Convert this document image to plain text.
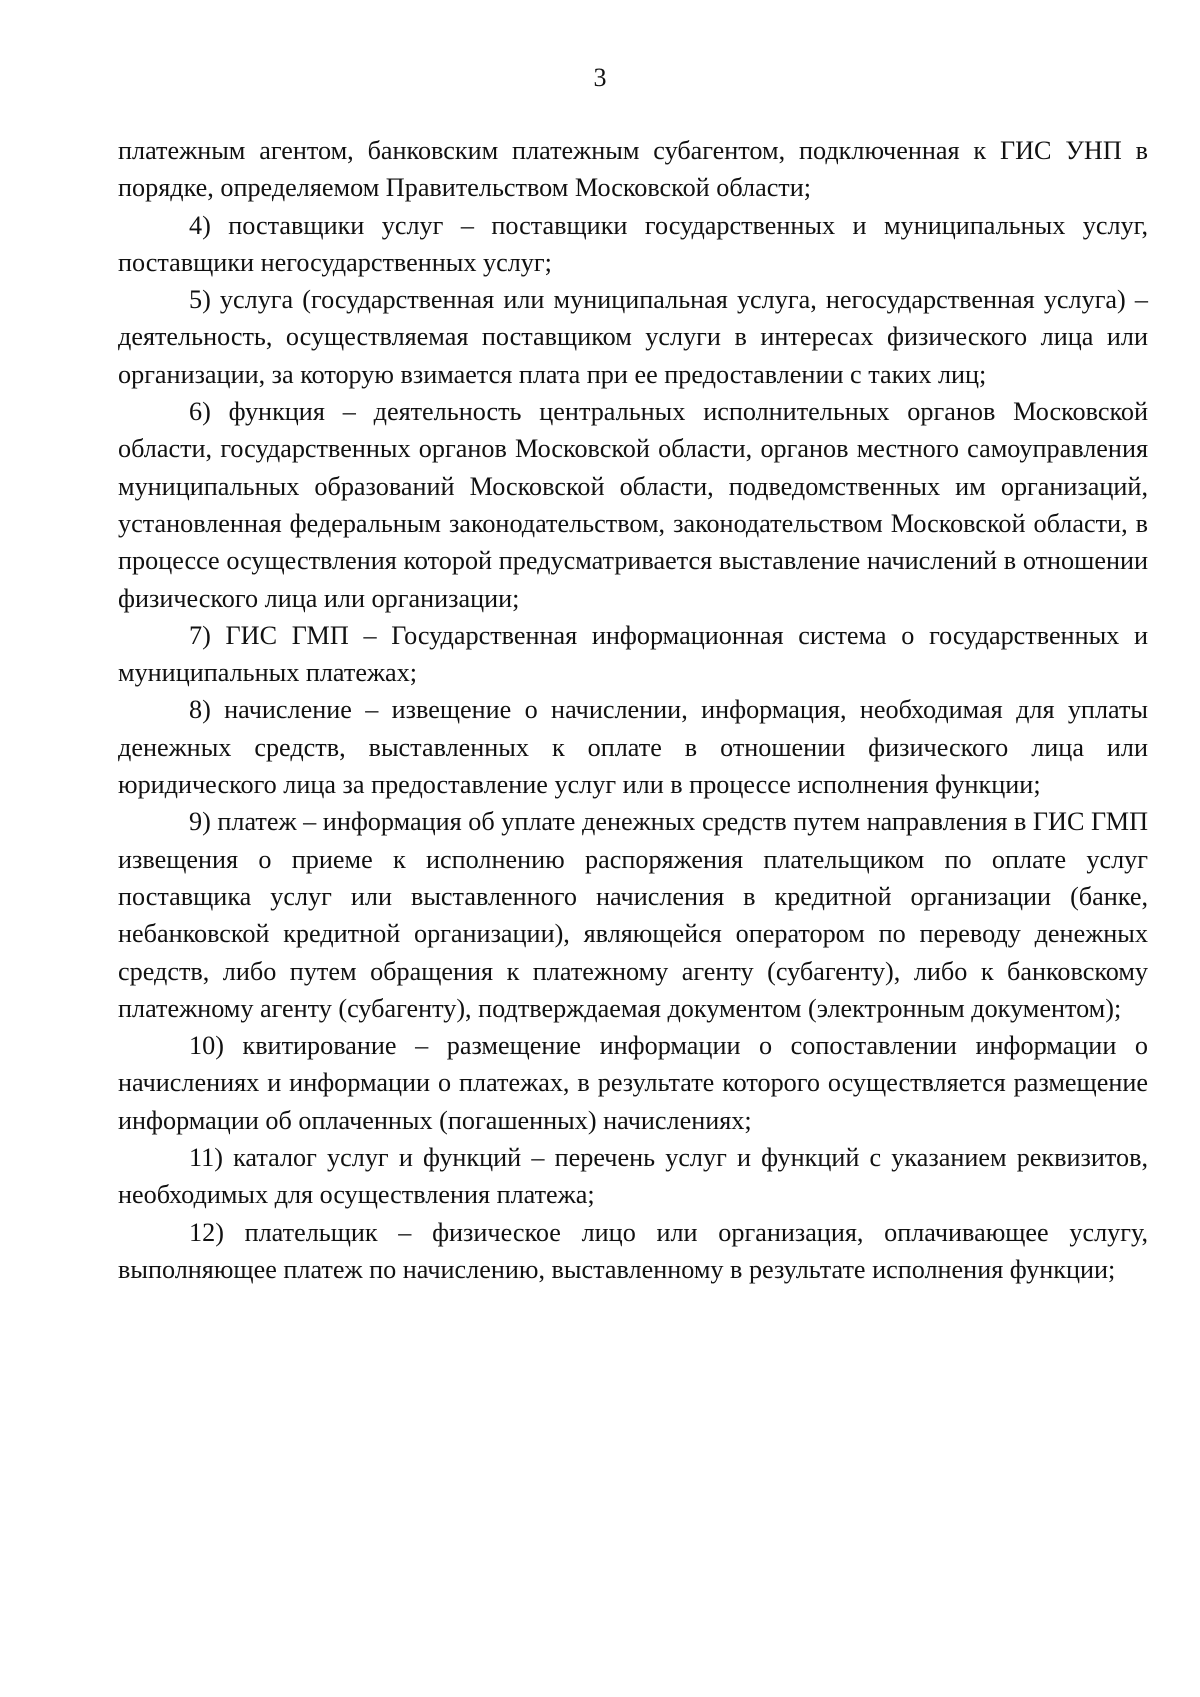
3

платежным агентом, банковским платежным субагентом, подключенная к ГИС УНП в порядке, определяемом Правительством Московской области;

4) поставщики услуг – поставщики государственных и муниципальных услуг, поставщики негосударственных услуг;

5) услуга (государственная или муниципальная услуга, негосударственная услуга) – деятельность, осуществляемая поставщиком услуги в интересах физического лица или организации, за которую взимается плата при ее предоставлении с таких лиц;

6) функция – деятельность центральных исполнительных органов Московской области, государственных органов Московской области, органов местного самоуправления муниципальных образований Московской области, подведомственных им организаций, установленная федеральным законодательством, законодательством Московской области, в процессе осуществления которой предусматривается выставление начислений в отношении физического лица или организации;

7) ГИС ГМП – Государственная информационная система о государственных и муниципальных платежах;

8) начисление – извещение о начислении, информация, необходимая для уплаты денежных средств, выставленных к оплате в отношении физического лица или юридического лица за предоставление услуг или в процессе исполнения функции;

9) платеж – информация об уплате денежных средств путем направления в ГИС ГМП извещения о приеме к исполнению распоряжения плательщиком по оплате услуг поставщика услуг или выставленного начисления в кредитной организации (банке, небанковской кредитной организации), являющейся оператором по переводу денежных средств, либо путем обращения к платежному агенту (субагенту), либо к банковскому платежному агенту (субагенту), подтверждаемая документом (электронным документом);

10) квитирование – размещение информации о сопоставлении информации о начислениях и информации о платежах, в результате которого осуществляется размещение информации об оплаченных (погашенных) начислениях;

11) каталог услуг и функций – перечень услуг и функций с указанием реквизитов, необходимых для осуществления платежа;

12) плательщик – физическое лицо или организация, оплачивающее услугу, выполняющее платеж по начислению, выставленному в результате исполнения функции;
